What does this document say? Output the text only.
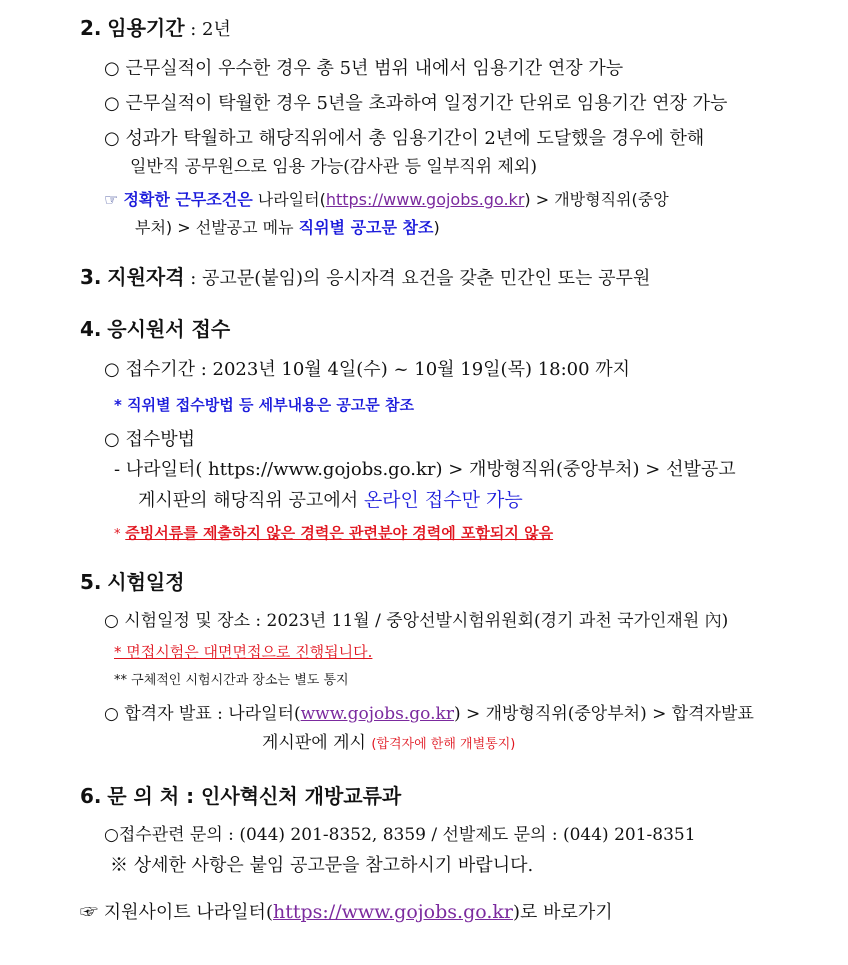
2. 임용기간 : 2년
○ 근무실적이 우수한 경우 총 5년 범위 내에서 임용기간 연장 가능
○ 근무실적이 탁월한 경우 5년을 초과하여 일정기간 단위로 임용기간 연장 가능
○ 성과가 탁월하고 해당직위에서 총 임용기간이 2년에 도달했을 경우에 한해
일반직 공무원으로 임용 가능(감사관 등 일부직위 제외)
☞ 정확한 근무조건은 나라일터(https://www.gojobs.go.kr) > 개방형직위(중앙
부처) > 선발공고 메뉴 직위별 공고문 참조)
3. 지원자격 : 공고문(붙임)의 응시자격 요건을 갖춘 민간인 또는 공무원
4. 응시원서 접수
○ 접수기간 : 2023년 10월 4일(수) ~ 10월 19일(목) 18:00 까지
* 직위별 접수방법 등 세부내용은 공고문 참조
○ 접수방법
- 나라일터( https://www.gojobs.go.kr) > 개방형직위(중앙부처) > 선발공고
게시판의 해당직위 공고에서 온라인 접수만 가능
* 증빙서류를 제출하지 않은 경력은 관련분야 경력에 포함되지 않음
5. 시험일정
○ 시험일정 및 장소 : 2023년 11월 / 중앙선발시험위원회(경기 과천 국가인재원 內)
* 면접시험은 대면면접으로 진행됩니다.
** 구체적인 시험시간과 장소는 별도 통지
○ 합격자 발표 : 나라일터(www.gojobs.go.kr) > 개방형직위(중앙부처) > 합격자발표
게시판에 게시 (합격자에 한해 개별통지)
6. 문 의 처 : 인사혁신처 개방교류과
○접수관련 문의 : (044) 201-8352, 8359 / 선발제도 문의 : (044) 201-8351
※ 상세한 사항은 붙임 공고문을 참고하시기 바랍니다.
☞ 지원사이트 나라일터(https://www.gojobs.go.kr)로 바로가기
